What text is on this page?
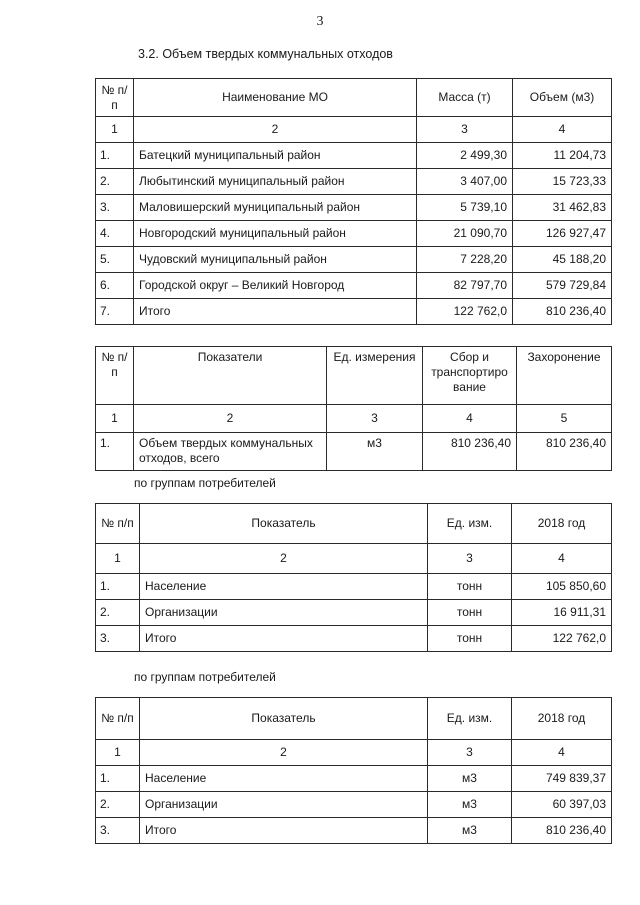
3
3.2. Объем твердых коммунальных отходов
№ п/п	Наименование МО	Масса (т)	Объем (м3)
1	2	3	4
1.	Батецкий муниципальный район	2 499,30	11 204,73
2.	Любытинский муниципальный район	3 407,00	15 723,33
3.	Маловишерский муниципальный район	5 739,10	31 462,83
4.	Новгородский муниципальный район	21 090,70	126 927,47
5.	Чудовский муниципальный район	7 228,20	45 188,20
6.	Городской округ – Великий Новгород	82 797,70	579 729,84
7.	Итого	122 762,0	810 236,40
№ п/п	Показатели	Ед. измерения	Сбор и транспортиро вание	Захоронение
1	2	3	4	5
1.	Объем твердых коммунальных отходов, всего	м3	810 236,40	810 236,40
по группам потребителей
№ п/п	Показатель	Ед. изм.	2018 год
1	2	3	4
1.	Население	тонн	105 850,60
2.	Организации	тонн	16 911,31
3.	Итого	тонн	122 762,0
по группам потребителей
№ п/п	Показатель	Ед. изм.	2018 год
1	2	3	4
1.	Население	м3	749 839,37
2.	Организации	м3	60 397,03
3.	Итого	м3	810 236,40
